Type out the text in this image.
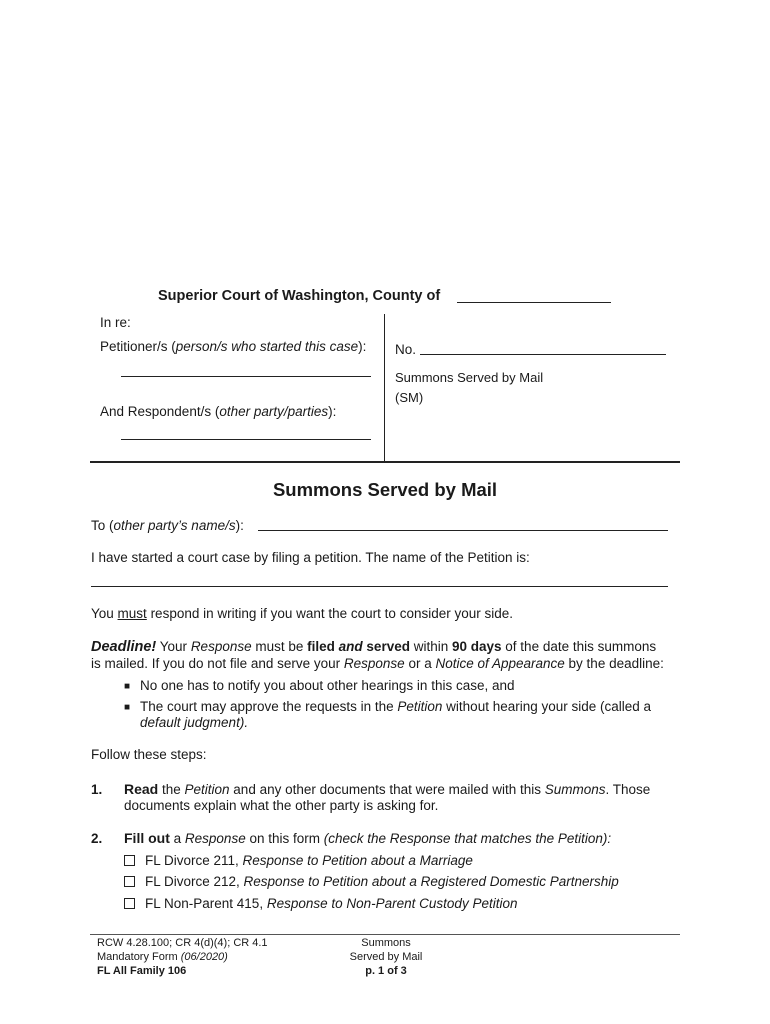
Superior Court of Washington, County of
In re:
Petitioner/s (person/s who started this case):
And Respondent/s (other party/parties):
No.
Summons Served by Mail
(SM)
Summons Served by Mail
To (other party’s name/s):
I have started a court case by filing a petition. The name of the Petition is:
You must respond in writing if you want the court to consider your side.
Deadline! Your Response must be filed and served within 90 days of the date this summons
is mailed. If you do not file and serve your Response or a Notice of Appearance by the deadline:
■ No one has to notify you about other hearings in this case, and
■ The court may approve the requests in the Petition without hearing your side (called a
default judgment).
Follow these steps:
1. Read the Petition and any other documents that were mailed with this Summons. Those
documents explain what the other party is asking for.
2. Fill out a Response on this form (check the Response that matches the Petition):
FL Divorce 211, Response to Petition about a Marriage
FL Divorce 212, Response to Petition about a Registered Domestic Partnership
FL Non-Parent 415, Response to Non-Parent Custody Petition
RCW 4.28.100; CR 4(d)(4); CR 4.1
Mandatory Form (06/2020)
FL All Family 106
Summons
Served by Mail
p. 1 of 3
